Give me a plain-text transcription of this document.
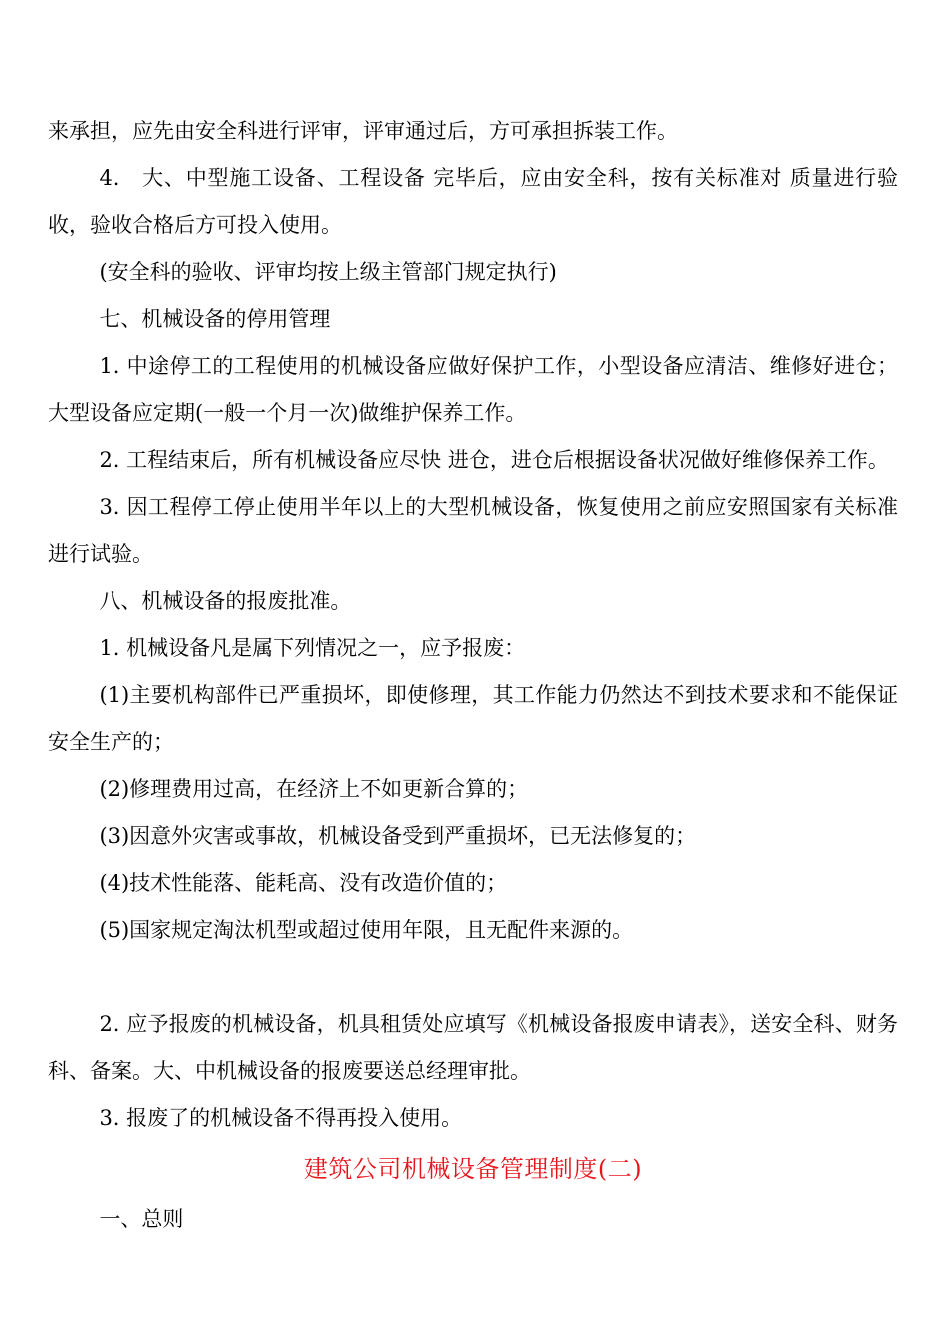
来承担，应先由安全科进行评审，评审通过后，方可承担拆装工作。

4.　大、中型施工设备、工程设备 完毕后，应由安全科，按有关标准对 质量进行验收，验收合格后方可投入使用。

(安全科的验收、评审均按上级主管部门规定执行)

七、机械设备的停用管理

1. 中途停工的工程使用的机械设备应做好保护工作，小型设备应清洁、维修好进仓；大型设备应定期(一般一个月一次)做维护保养工作。

2. 工程结束后，所有机械设备应尽快 进仓，进仓后根据设备状况做好维修保养工作。

3. 因工程停工停止使用半年以上的大型机械设备，恢复使用之前应安照国家有关标准进行试验。

八、机械设备的报废批准。

1. 机械设备凡是属下列情况之一，应予报废：

(1)主要机构部件已严重损坏，即使修理，其工作能力仍然达不到技术要求和不能保证安全生产的；

(2)修理费用过高，在经济上不如更新合算的；

(3)因意外灾害或事故，机械设备受到严重损坏，已无法修复的；

(4)技术性能落、能耗高、没有改造价值的；

(5)国家规定淘汰机型或超过使用年限，且无配件来源的。

2. 应予报废的机械设备，机具租赁处应填写《机械设备报废申请表》，送安全科、财务科、备案。大、中机械设备的报废要送总经理审批。

3. 报废了的机械设备不得再投入使用。

建筑公司机械设备管理制度(二)

一、总则
